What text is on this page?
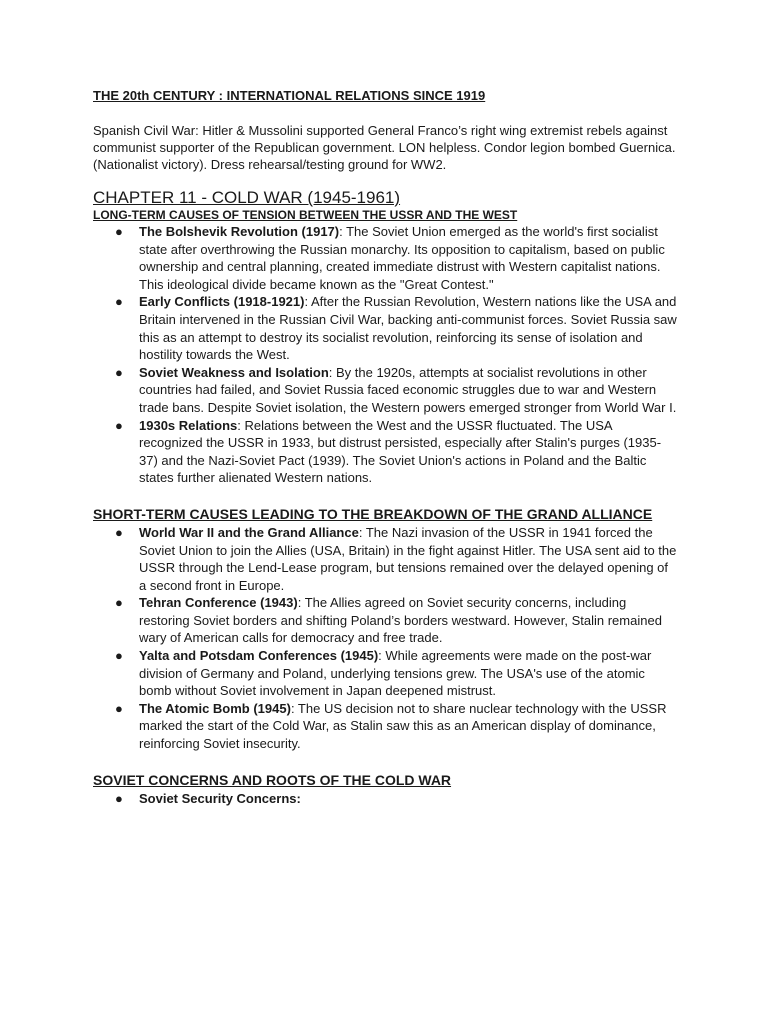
THE 20th CENTURY : INTERNATIONAL RELATIONS SINCE 1919

Spanish Civil War: Hitler & Mussolini supported General Franco’s right wing extremist rebels against communist supporter of the Republican government. LON helpless. Condor legion bombed Guernica. (Nationalist victory). Dress rehearsal/testing ground for WW2.

CHAPTER 11 - COLD WAR (1945-1961)
LONG-TERM CAUSES OF TENSION BETWEEN THE USSR AND THE WEST
● The Bolshevik Revolution (1917): The Soviet Union emerged as the world's first socialist state after overthrowing the Russian monarchy. Its opposition to capitalism, based on public ownership and central planning, created immediate distrust with Western capitalist nations. This ideological divide became known as the "Great Contest."
● Early Conflicts (1918-1921): After the Russian Revolution, Western nations like the USA and Britain intervened in the Russian Civil War, backing anti-communist forces. Soviet Russia saw this as an attempt to destroy its socialist revolution, reinforcing its sense of isolation and hostility towards the West.
● Soviet Weakness and Isolation: By the 1920s, attempts at socialist revolutions in other countries had failed, and Soviet Russia faced economic struggles due to war and Western trade bans. Despite Soviet isolation, the Western powers emerged stronger from World War I.
● 1930s Relations: Relations between the West and the USSR fluctuated. The USA recognized the USSR in 1933, but distrust persisted, especially after Stalin's purges (1935-37) and the Nazi-Soviet Pact (1939). The Soviet Union's actions in Poland and the Baltic states further alienated Western nations.
SHORT-TERM CAUSES LEADING TO THE BREAKDOWN OF THE GRAND ALLIANCE
● World War II and the Grand Alliance: The Nazi invasion of the USSR in 1941 forced the Soviet Union to join the Allies (USA, Britain) in the fight against Hitler. The USA sent aid to the USSR through the Lend-Lease program, but tensions remained over the delayed opening of a second front in Europe.
● Tehran Conference (1943): The Allies agreed on Soviet security concerns, including restoring Soviet borders and shifting Poland’s borders westward. However, Stalin remained wary of American calls for democracy and free trade.
● Yalta and Potsdam Conferences (1945): While agreements were made on the post-war division of Germany and Poland, underlying tensions grew. The USA's use of the atomic bomb without Soviet involvement in Japan deepened mistrust.
● The Atomic Bomb (1945): The US decision not to share nuclear technology with the USSR marked the start of the Cold War, as Stalin saw this as an American display of dominance, reinforcing Soviet insecurity.
SOVIET CONCERNS AND ROOTS OF THE COLD WAR
● Soviet Security Concerns:
